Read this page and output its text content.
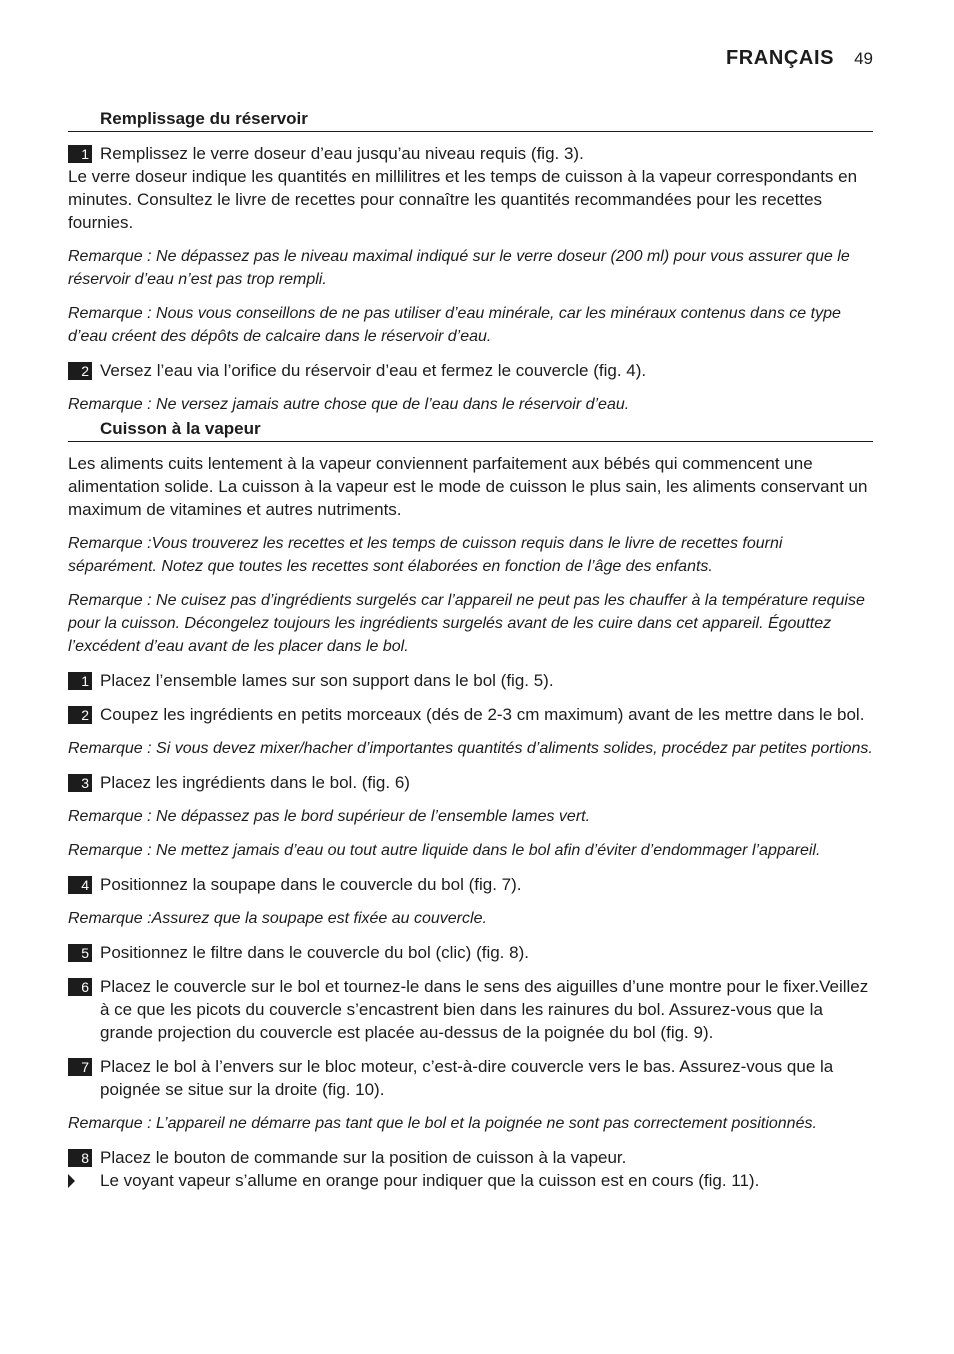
FRANÇAIS 49
Remplissage du réservoir
1 Remplissez le verre doseur d’eau jusqu’au niveau requis (fig. 3).
Le verre doseur indique les quantités en millilitres et les temps de cuisson à la vapeur correspondants en minutes. Consultez le livre de recettes pour connaître les quantités recommandées pour les recettes fournies.
Remarque : Ne dépassez pas le niveau maximal indiqué sur le verre doseur (200 ml) pour vous assurer que le réservoir d’eau n’est pas trop rempli.
Remarque : Nous vous conseillons de ne pas utiliser d’eau minérale, car les minéraux contenus dans ce type d’eau créent des dépôts de calcaire dans le réservoir d’eau.
2 Versez l’eau via l’orifice du réservoir d’eau et fermez le couvercle (fig. 4).
Remarque : Ne versez jamais autre chose que de l’eau dans le réservoir d’eau.
Cuisson à la vapeur
Les aliments cuits lentement à la vapeur conviennent parfaitement aux bébés qui commencent une alimentation solide. La cuisson à la vapeur est le mode de cuisson le plus sain, les aliments conservant un maximum de vitamines et autres nutriments.
Remarque :Vous trouverez les recettes et les temps de cuisson requis dans le livre de recettes fourni séparément. Notez que toutes les recettes sont élaborées en fonction de l’âge des enfants.
Remarque : Ne cuisez pas d’ingrédients surgelés car l’appareil ne peut pas les chauffer à la température requise pour la cuisson. Décongelez toujours les ingrédients surgelés avant de les cuire dans cet appareil. Égouttez l’excédent d’eau avant de les placer dans le bol.
1 Placez l’ensemble lames sur son support dans le bol (fig. 5).
2 Coupez les ingrédients en petits morceaux (dés de 2-3 cm maximum) avant de les mettre dans le bol.
Remarque : Si vous devez mixer/hacher d’importantes quantités d’aliments solides, procédez par petites portions.
3 Placez les ingrédients dans le bol. (fig. 6)
Remarque : Ne dépassez pas le bord supérieur de l’ensemble lames vert.
Remarque : Ne mettez jamais d’eau ou tout autre liquide dans le bol afin d’éviter d’endommager l’appareil.
4 Positionnez la soupape dans le couvercle du bol (fig. 7).
Remarque :Assurez que la soupape est fixée au couvercle.
5 Positionnez le filtre dans le couvercle du bol (clic) (fig. 8).
6 Placez le couvercle sur le bol et tournez-le dans le sens des aiguilles d’une montre pour le fixer.Veillez à ce que les picots du couvercle s’encastrent bien dans les rainures du bol. Assurez-vous que la grande projection du couvercle est placée au-dessus de la poignée du bol (fig. 9).
7 Placez le bol à l’envers sur le bloc moteur, c’est-à-dire couvercle vers le bas. Assurez-vous que la poignée se situe sur la droite (fig. 10).
Remarque : L’appareil ne démarre pas tant que le bol et la poignée ne sont pas correctement positionnés.
8 Placez le bouton de commande sur la position de cuisson à la vapeur.
Le voyant vapeur s’allume en orange pour indiquer que la cuisson est en cours (fig. 11).
